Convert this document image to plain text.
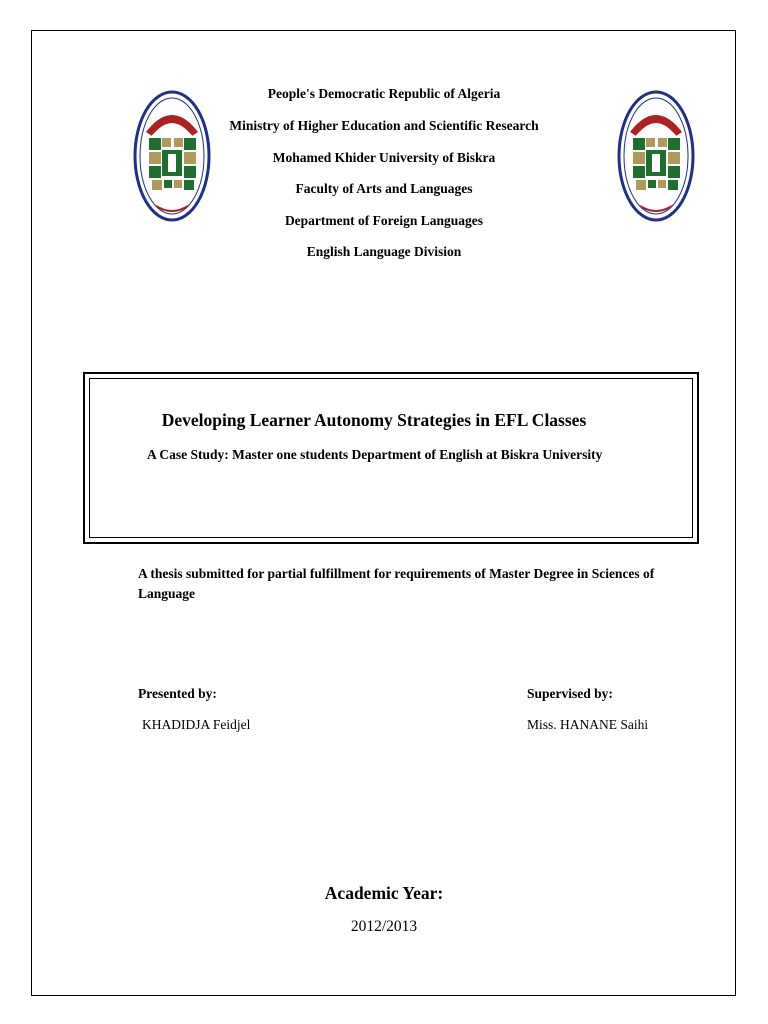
People's Democratic Republic of Algeria
Ministry of Higher Education and Scientific Research
Mohamed Khider University of Biskra
Faculty of Arts and Languages
Department of Foreign Languages
English Language Division
Developing Learner Autonomy Strategies in EFL Classes
A Case Study: Master one students Department of English at Biskra University
A thesis submitted for partial fulfillment for requirements of Master Degree in Sciences of Language
Presented by:
KHADIDJA Feidjel
Supervised by:
Miss. HANANE Saihi
Academic Year:
2012/2013
